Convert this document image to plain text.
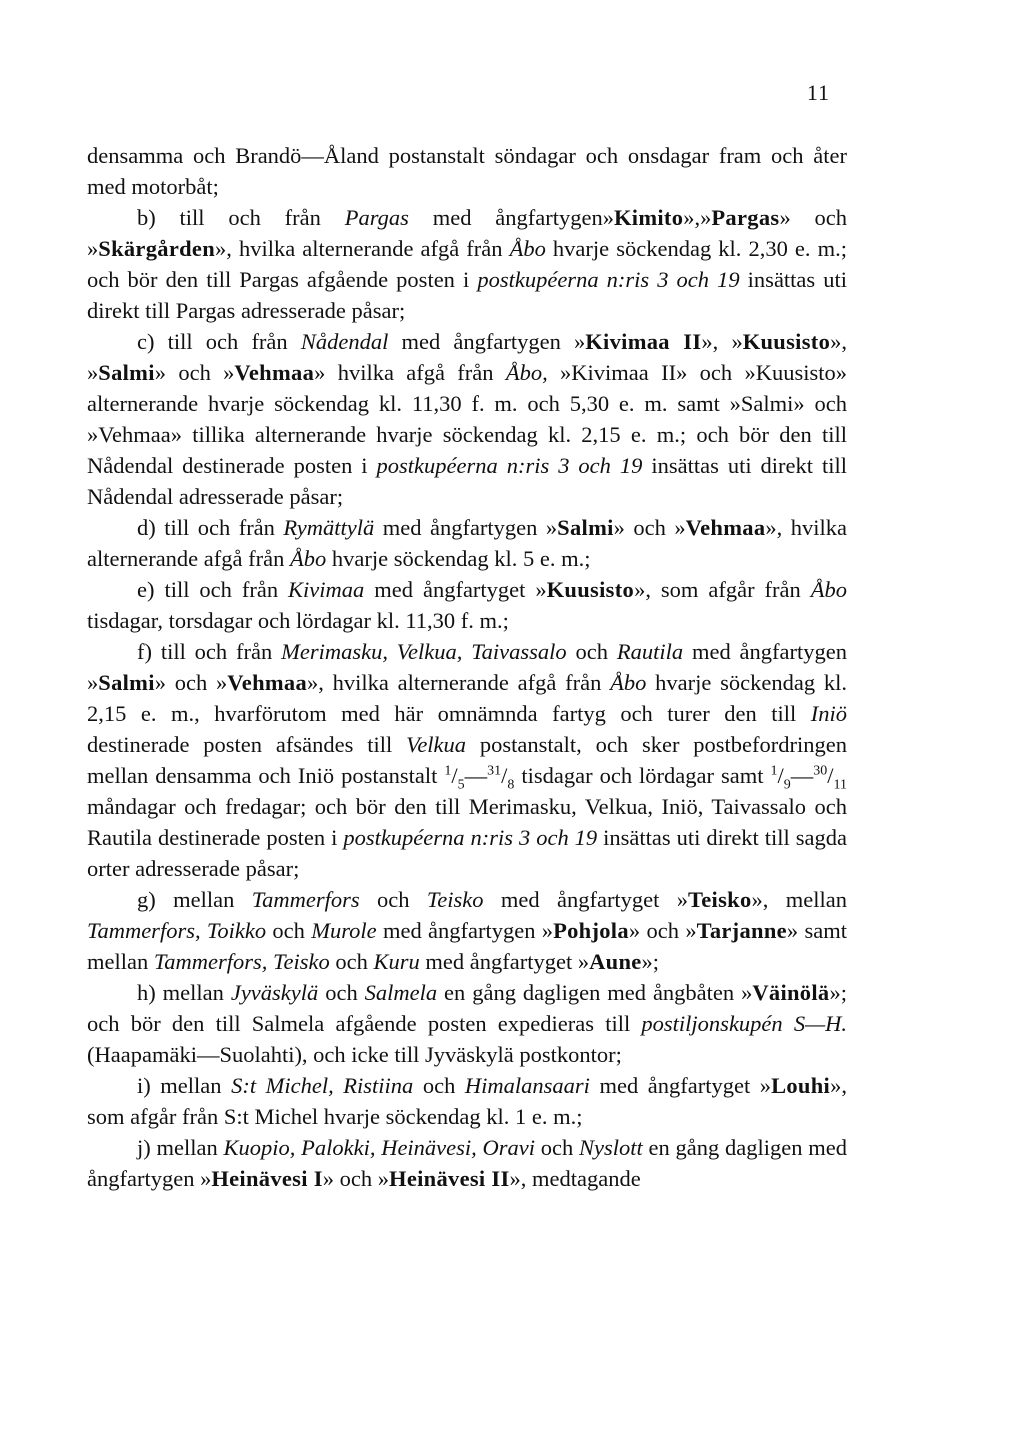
11

densamma och Brandö—Åland postanstalt söndagar och onsdagar fram och åter med motorbåt;

b) till och från Pargas med ångfartygen»Kimito»,»Pargas» och »Skärgården», hvilka alternerande afgå från Åbo hvarje söckendag kl. 2,30 e. m.; och bör den till Pargas afgående posten i postkupéerna n:ris 3 och 19 insättas uti direkt till Pargas adresserade påsar;

c) till och från Nådendal med ångfartygen »Kivimaa II», »Kuusisto», »Salmi» och »Vehmaa» hvilka afgå från Åbo, »Kivimaa II» och »Kuusisto» alternerande hvarje söckendag kl. 11,30 f. m. och 5,30 e. m. samt »Salmi» och »Vehmaa» tillika alternerande hvarje söckendag kl. 2,15 e. m.; och bör den till Nådendal destinerade posten i postkupéerna n:ris 3 och 19 insättas uti direkt till Nådendal adresserade påsar;

d) till och från Rymättylä med ångfartygen »Salmi» och »Vehmaa», hvilka alternerande afgå från Åbo hvarje söckendag kl. 5 e. m.;

e) till och från Kivimaa med ångfartyget »Kuusisto», som afgår från Åbo tisdagar, torsdagar och lördagar kl. 11,30 f. m.;

f) till och från Merimasku, Velkua, Taivassalo och Rautila med ångfartygen »Salmi» och »Vehmaa», hvilka alternerande afgå från Åbo hvarje söckendag kl. 2,15 e. m., hvarförutom med här omnämnda fartyg och turer den till Iniö destinerade posten afsändes till Velkua postanstalt, och sker postbefordringen mellan densamma och Iniö postanstalt $^1/_5—^{31}/_8$ tisdagar och lördagar samt $^1/_9—^{30}/_{11}$ måndagar och fredagar; och bör den till Merimasku, Velkua, Iniö, Taivassalo och Rautila destinerade posten i postkupéerna n:ris 3 och 19 insättas uti direkt till sagda orter adresserade påsar;

g) mellan Tammerfors och Teisko med ångfartyget »Teisko», mellan Tammerfors, Toikko och Murole med ångfartygen »Pohjola» och »Tarjanne» samt mellan Tammerfors, Teisko och Kuru med ångfartyget »Aune»;

h) mellan Jyväskylä och Salmela en gång dagligen med ångbåten »Väinölä»; och bör den till Salmela afgående posten expedieras till postiljonskupén S—H. (Haapamäki—Suolahti), och icke till Jyväskylä postkontor;

i) mellan S:t Michel, Ristiina och Himalansaari med ångfartyget »Louhi», som afgår från S:t Michel hvarje söckendag kl. 1 e. m.;

j) mellan Kuopio, Palokki, Heinävesi, Oravi och Nyslott en gång dagligen med ångfartygen »Heinävesi I» och »Heinävesi II», medtagande
